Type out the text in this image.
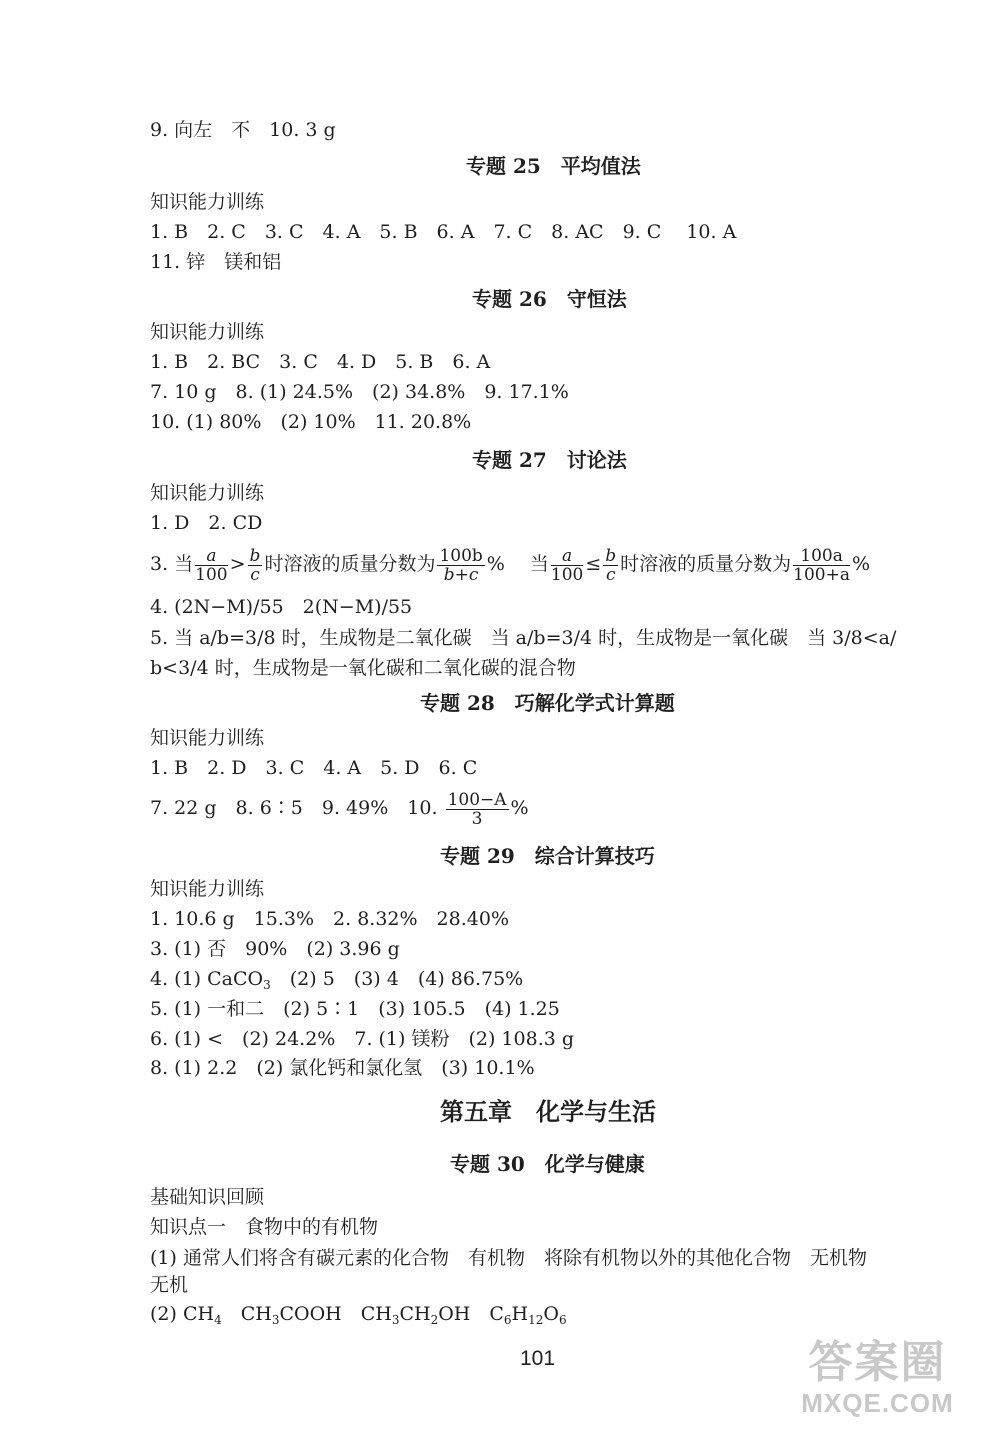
9. 向左　不　10. 3 g
专题 25　平均值法
知识能力训练
1. B　2. C　3. C　4. A　5. B　6. A　7. C　8. AC　9. C　 10. A
11. 锌　镁和铝
专题 26　守恒法
知识能力训练
1. B　2. BC　3. C　4. D　5. B　6. A
7. 10 g　8. (1) 24.5%　(2) 34.8%　9. 17.1%
10. (1) 80%　(2) 10%　11. 20.8%
专题 27　讨论法
知识能力训练
1. D　2. CD
3. 当 $\frac{a}{100} > \frac{b}{c}$ 时溶液的质量分数为 $\frac{100b}{b+c}$ %　 当 $\frac{a}{100} \le \frac{b}{c}$ 时溶液的质量分数为 $\frac{100a}{100+a}$ %
4. (2N−M)/55　2(N−M)/55
5. 当 a/b=3/8 时，生成物是二氧化碳　当 a/b=3/4 时，生成物是一氧化碳　当 3/8<a/
b<3/4 时，生成物是一氧化碳和二氧化碳的混合物
专题 28　巧解化学式计算题
知识能力训练
1. B　2. D　3. C　4. A　5. D　6. C
7. 22 g　8. 6∶5　9. 49%　10. $\frac{100-A}{3}$ %
专题 29　综合计算技巧
知识能力训练
1. 10.6 g　15.3%　2. 8.32%　28.40%
3. (1) 否　90%　(2) 3.96 g
4. (1) CaCO$_3$　(2) 5　(3) 4　(4) 86.75%
5. (1) 一和二　(2) 5∶1　(3) 105.5　(4) 1.25
6. (1) <　(2) 24.2%　7. (1) 镁粉　(2) 108.3 g
8. (1) 2.2　(2) 氯化钙和氯化氢　(3) 10.1%
第五章　化学与生活
专题 30　化学与健康
基础知识回顾
知识点一　食物中的有机物
(1) 通常人们将含有碳元素的化合物　有机物　将除有机物以外的其他化合物　无机物
无机
(2) $CH_4$　$CH_3COOH$　$CH_3CH_2OH$　$C_6H_{12}O_6$
101	答案圈
MXQE.COM
